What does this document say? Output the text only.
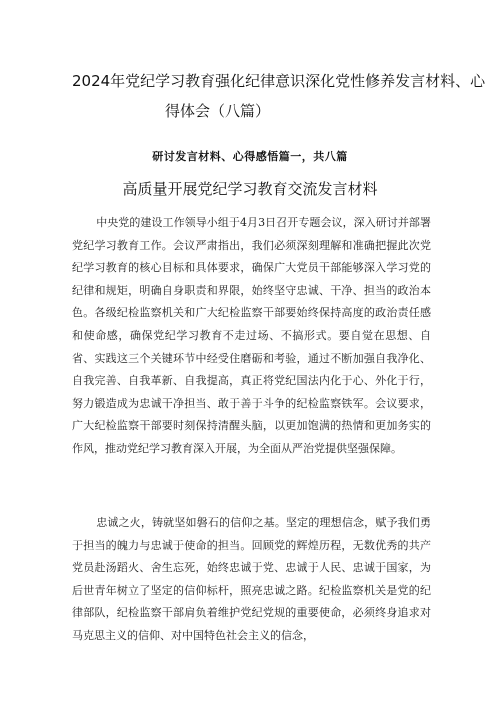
2024年党纪学习教育强化纪律意识深化党性修养发言材料、心
得体会（八篇）
研讨发言材料、心得感悟篇一，共八篇
高质量开展党纪学习教育交流发言材料

中央党的建设工作领导小组于4月3日召开专题会议，深入研讨并部署党纪学习教育工作。会议严肃指出，我们必须深刻理解和准确把握此次党纪学习教育的核心目标和具体要求，确保广大党员干部能够深入学习党的纪律和规矩，明确自身职责和界限，始终坚守忠诚、干净、担当的政治本色。各级纪检监察机关和广大纪检监察干部要始终保持高度的政治责任感和使命感，确保党纪学习教育不走过场、不搞形式。要自觉在思想、自省、实践这三个关键环节中经受住磨砺和考验，通过不断加强自我净化、自我完善、自我革新、自我提高，真正将党纪国法内化于心、外化于行，努力锻造成为忠诚干净担当、敢于善于斗争的纪检监察铁军。会议要求，广大纪检监察干部要时刻保持清醒头脑，以更加饱满的热情和更加务实的作风，推动党纪学习教育深入开展，为全面从严治党提供坚强保障。

忠诚之火，铸就坚如磐石的信仰之基。坚定的理想信念，赋予我们勇于担当的魄力与忠诚于使命的担当。回顾党的辉煌历程，无数优秀的共产党员赴汤蹈火、舍生忘死，始终忠诚于党、忠诚于人民、忠诚于国家，为后世青年树立了坚定的信仰标杆，照亮忠诚之路。纪检监察机关是党的纪律部队，纪检监察干部肩负着维护党纪党规的重要使命，必须终身追求对马克思主义的信仰、对中国特色社会主义的信念，
